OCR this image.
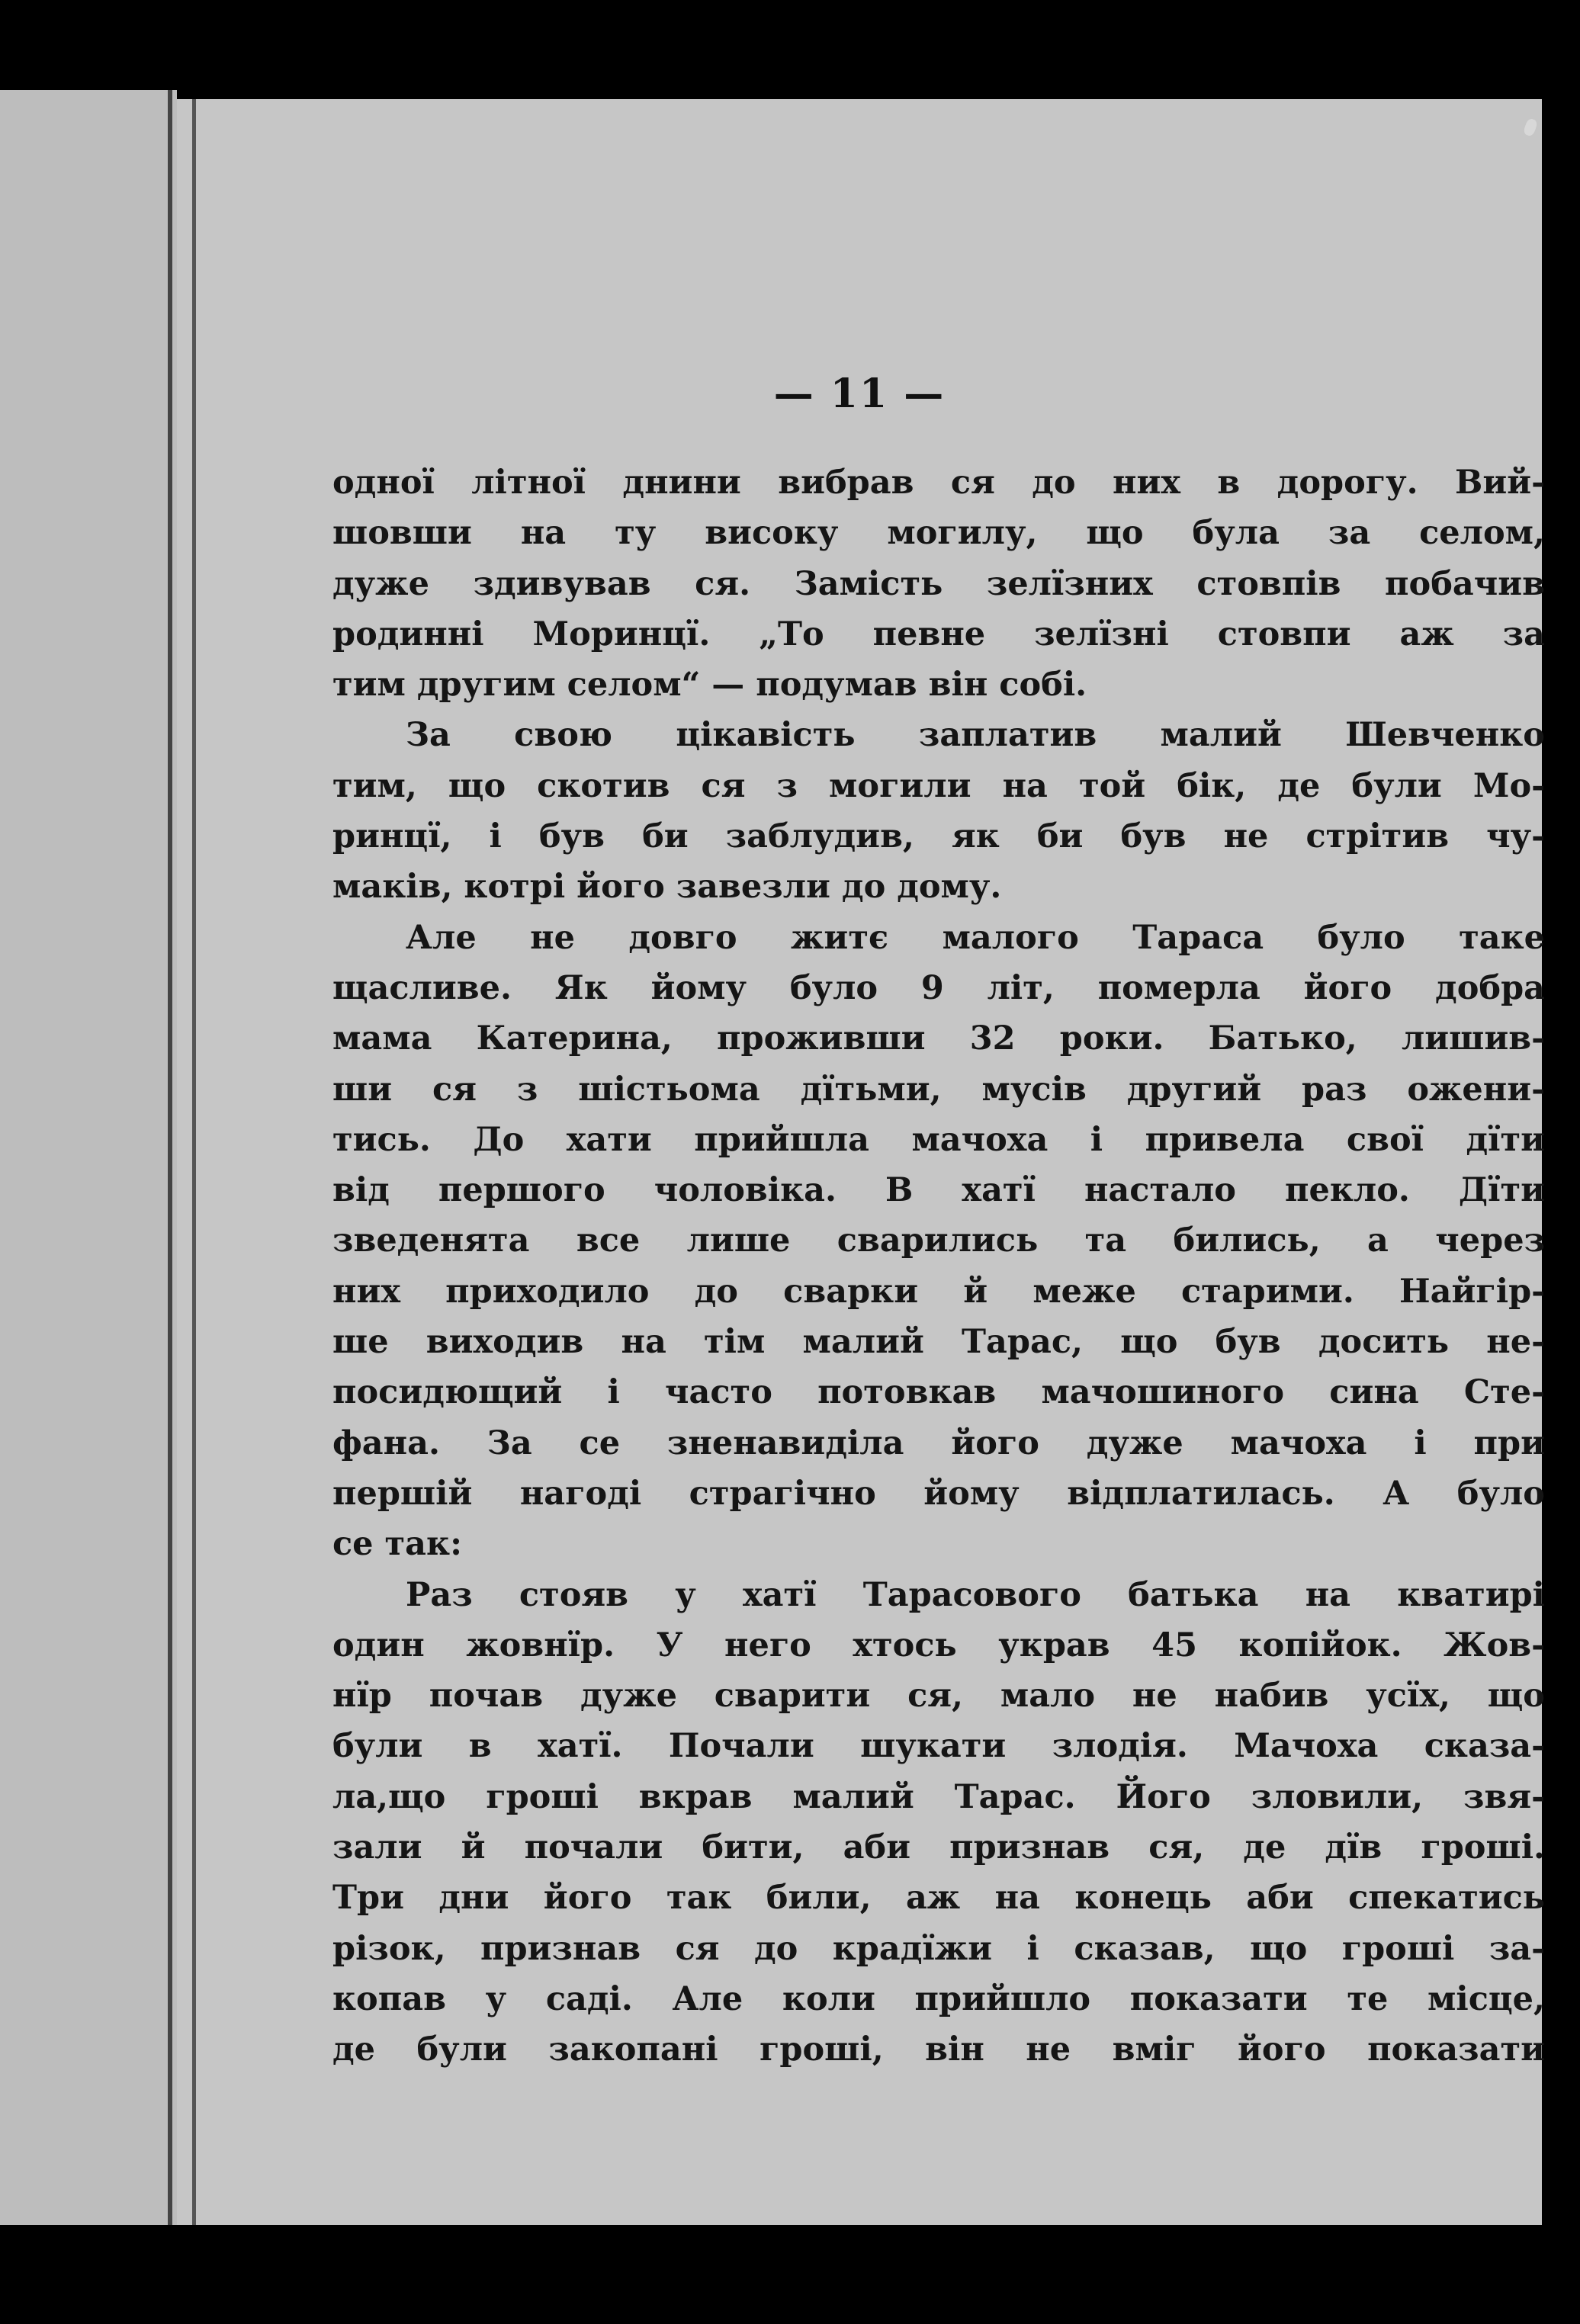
— 11 —
одної літної днини вибрав ся до них в дорогу. Вий-
шовши на ту високу могилу, що була за селом,
дуже здивував ся. Замість зелїзних стовпів побачив
родинні Моринцї. „То певне зелїзні стовпи аж за
тим другим селом“ — подумав він собі.
За свою цікавість заплатив малий Шевченко
тим, що скотив ся з могили на той бік, де були Мо-
ринцї, і був би заблудив, як би був не стрітив чу-
маків, котрі його завезли до дому.
Але не довго житє малого Тараса було таке
щасливе. Як йому було 9 літ, померла його добра
мама Катерина, проживши 32 роки. Батько, лишив-
ши ся з шістьома дїтьми, мусів другий раз ожени-
тись. До хати прийшла мачоха і привела свої дїти
від першого чоловіка. В хатї настало пекло. Дїти
зведенята все лише сварились та бились, а через
них приходило до сварки й меже старими. Найгір-
ше виходив на тім малий Тарас, що був досить не-
посидющий і часто потовкав мачошиного сина Сте-
фана. За се зненавиділа його дуже мачоха і при
першій нагоді страгічно йому відплатилась. А було
се так:
Раз стояв у хатї Тарасового батька на кватирі
один жовнїр. У него хтось украв 45 копійок. Жов-
нїр почав дуже сварити ся, мало не набив усїх, що
були в хатї. Почали шукати злодія. Мачоха сказа-
ла,що гроші вкрав малий Тарас. Його зловили, звя-
зали й почали бити, аби признав ся, де дїв гроші.
Три дни його так били, аж на конець аби спекатись
різок, признав ся до крадїжи і сказав, що гроші за-
копав у саді. Але коли прийшло показати те місце,
де були закопані гроші, він не вміг його показати
